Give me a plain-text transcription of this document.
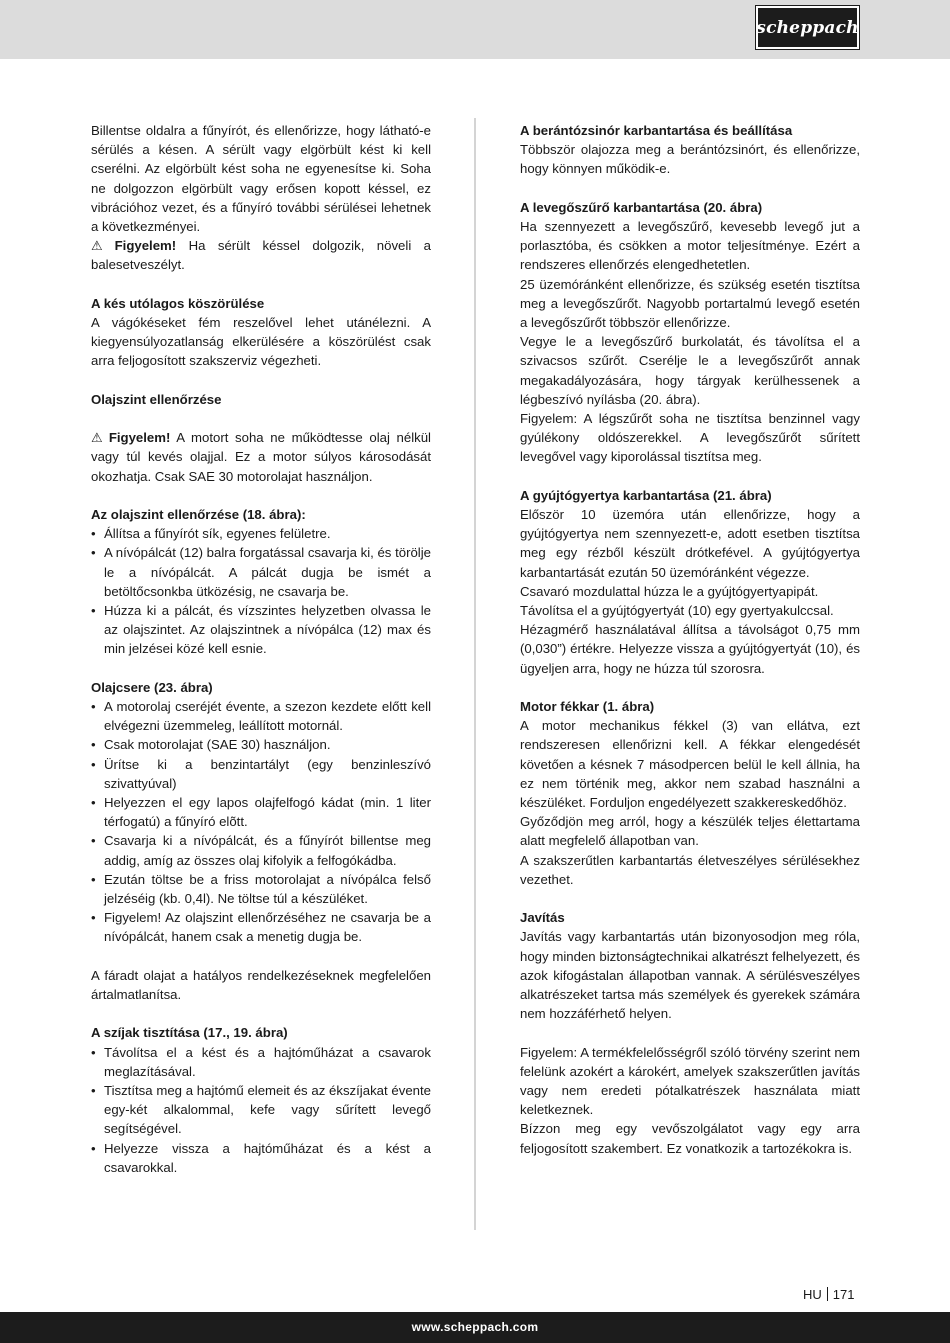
scheppach

Billentse oldalra a fűnyírót, és ellenőrizze, hogy látható-e sérülés a késen. A sérült vagy elgörbült kést ki kell cserélni. Az elgörbült kést soha ne egyenesítse ki. Soha ne dolgozzon elgörbült vagy erősen kopott késsel, ez vibrációhoz vezet, és a fűnyíró további sérülései lehetnek a következményei.

⚠ Figyelem! Ha sérült késsel dolgozik, növeli a balesetveszélyt.

A kés utólagos köszörülése

A vágókéseket fém reszelővel lehet utánélezni. A kiegyensúlyozatlanság elkerülésére a köszörülést csak arra feljogosított szakszerviz végezheti.

Olajszint ellenőrzése

⚠ Figyelem! A motort soha ne működtesse olaj nélkül vagy túl kevés olajjal. Ez a motor súlyos károsodását okozhatja. Csak SAE 30 motorolajat használjon.

Az olajszint ellenőrzése (18. ábra):

• Állítsa a fűnyírót sík, egyenes felületre.
• A nívópálcát (12) balra forgatással csavarja ki, és törölje le a nívópálcát. A pálcát dugja be ismét a betöltőcsonkba ütközésig, ne csavarja be.
• Húzza ki a pálcát, és vízszintes helyzetben olvassa le az olajszintet. Az olajszintnek a nívópálca (12) max és min jelzései közé kell esnie.

Olajcsere (23. ábra)

• A motorolaj cseréjét évente, a szezon kezdete előtt kell elvégezni üzemmeleg, leállított motornál.
• Csak motorolajat (SAE 30) használjon.
• Ürítse ki a benzintartályt (egy benzinleszívó szivattyúval)
• Helyezzen el egy lapos olajfelfogó kádat (min. 1 liter térfogatú) a fűnyíró elõtt.
• Csavarja ki a nívópálcát, és a fűnyírót billentse meg addig, amíg az összes olaj kifolyik a felfogókádba.
• Ezután töltse be a friss motorolajat a nívópálca felső jelzéséig (kb. 0,4l). Ne töltse túl a készüléket.
• Figyelem! Az olajszint ellenőrzéséhez ne csavarja be a nívópálcát, hanem csak a menetig dugja be.

A fáradt olajat a hatályos rendelkezéseknek megfelelően ártalmatlanítsa.

A szíjak tisztítása (17., 19. ábra)

• Távolítsa el a kést és a hajtóműházat a csavarok meglazításával.
• Tisztítsa meg a hajtómű elemeit és az ékszíjakat évente egy-két alkalommal, kefe vagy sűrített levegő segítségével.
• Helyezze vissza a hajtóműházat és a kést a csavarokkal.

A berántózsinór karbantartása és beállítása

Többször olajozza meg a berántózsinórt, és ellenőrizze, hogy könnyen működik-e.

A levegőszűrő karbantartása (20. ábra)

Ha szennyezett a levegőszűrő, kevesebb levegő jut a porlasztóba, és csökken a motor teljesítménye. Ezért a rendszeres ellenőrzés elengedhetetlen.

25 üzemóránként ellenőrizze, és szükség esetén tisztítsa meg a levegőszűrőt. Nagyobb portartalmú levegő esetén a levegőszűrőt többször ellenőrizze.

Vegye le a levegőszűrő burkolatát, és távolítsa el a szivacsos szűrőt. Cserélje le a levegőszűrőt annak megakadályozására, hogy tárgyak kerülhessenek a légbeszívó nyílásba (20. ábra).

Figyelem: A légszűrőt soha ne tisztítsa benzinnel vagy gyúlékony oldószerekkel. A levegőszűrőt sűrített levegővel vagy kiporolással tisztítsa meg.

A gyújtógyertya karbantartása (21. ábra)

Először 10 üzemóra után ellenőrizze, hogy a gyújtógyertya nem szennyezett-e, adott esetben tisztítsa meg egy rézből készült drótkefével. A gyújtógyertya karbantartását ezután 50 üzemóránként végezze.

Csavaró mozdulattal húzza le a gyújtógyertyapipát.

Távolítsa el a gyújtógyertyát (10) egy gyertyakulccsal.

Hézagmérő használatával állítsa a távolságot 0,75 mm (0,030”) értékre. Helyezze vissza a gyújtógyertyát (10), és ügyeljen arra, hogy ne húzza túl szorosra.

Motor fékkar (1. ábra)

A motor mechanikus fékkel (3) van ellátva, ezt rendszeresen ellenőrizni kell. A fékkar elengedését követően a késnek 7 másodpercen belül le kell állnia, ha ez nem történik meg, akkor nem szabad használni a készüléket. Forduljon engedélyezett szakkereskedőhöz.

Győződjön meg arról, hogy a készülék teljes élettartama alatt megfelelő állapotban van.

A szakszerűtlen karbantartás életveszélyes sérülésekhez vezethet.

Javítás

Javítás vagy karbantartás után bizonyosodjon meg róla, hogy minden biztonságtechnikai alkatrészt felhelyezett, és azok kifogástalan állapotban vannak. A sérülésveszélyes alkatrészeket tartsa más személyek és gyerekek számára nem hozzáférhető helyen.

Figyelem: A termékfelelősségről szóló törvény szerint nem felelünk azokért a károkért, amelyek szakszerűtlen javítás vagy nem eredeti pótalkatrészek használata miatt keletkeznek.

Bízzon meg egy vevőszolgálatot vagy egy arra feljogosított szakembert. Ez vonatkozik a tartozékokra is.

HU 171
www.scheppach.com
